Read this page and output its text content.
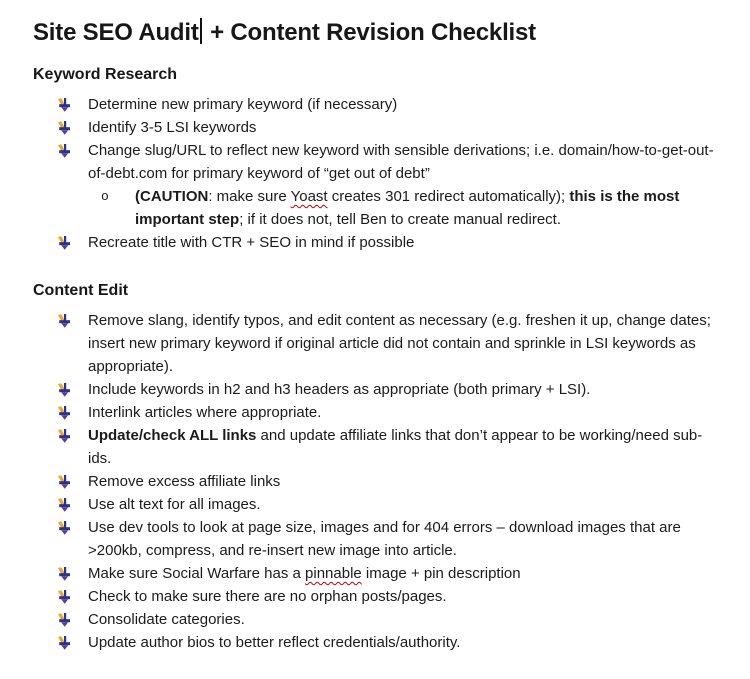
Site SEO Audit + Content Revision Checklist
Keyword Research
Determine new primary keyword (if necessary)
Identify 3-5 LSI keywords
Change slug/URL to reflect new keyword with sensible derivations; i.e. domain/how-to-get-out-of-debt.com for primary keyword of “get out of debt”
o (CAUTION: make sure Yoast creates 301 redirect automatically); this is the most important step; if it does not, tell Ben to create manual redirect.
Recreate title with CTR + SEO in mind if possible
Content Edit
Remove slang, identify typos, and edit content as necessary (e.g. freshen it up, change dates; insert new primary keyword if original article did not contain and sprinkle in LSI keywords as appropriate).
Include keywords in h2 and h3 headers as appropriate (both primary + LSI).
Interlink articles where appropriate.
Update/check ALL links and update affiliate links that don’t appear to be working/need sub-ids.
Remove excess affiliate links
Use alt text for all images.
Use dev tools to look at page size, images and for 404 errors – download images that are >200kb, compress, and re-insert new image into article.
Make sure Social Warfare has a pinnable image + pin description
Check to make sure there are no orphan posts/pages.
Consolidate categories.
Update author bios to better reflect credentials/authority.
